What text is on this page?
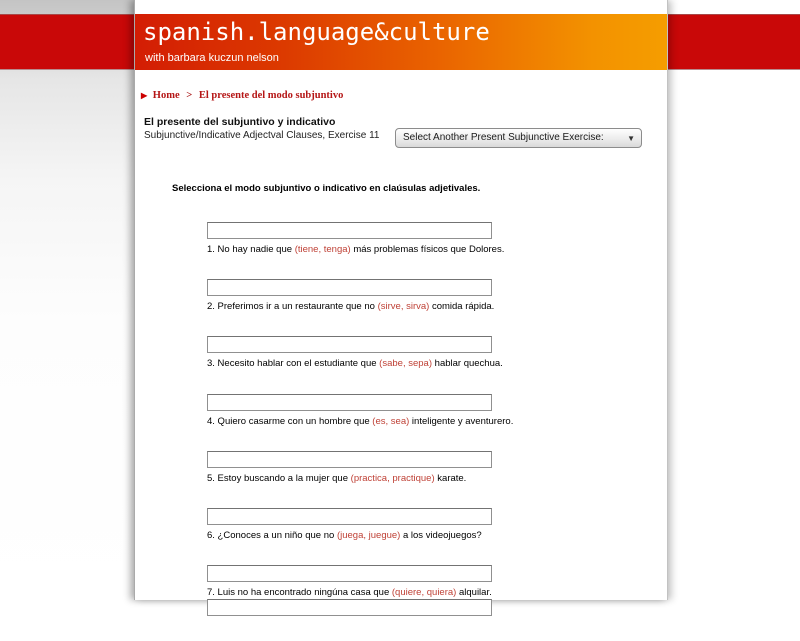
spanish.language&culture
with barbara kuczun nelson
▶ Home > El presente del modo subjuntivo
El presente del subjuntivo y indicativo
Subjunctive/Indicative Adjectval Clauses, Exercise 11	Select Another Present Subjunctive Exercise:	▼
Selecciona el modo subjuntivo o indicativo en claúsulas adjetivales.
1. No hay nadie que (tiene, tenga) más problemas físicos que Dolores.
2. Preferimos ir a un restaurante que no (sirve, sirva) comida rápida.
3. Necesito hablar con el estudiante que (sabe, sepa) hablar quechua.
4. Quiero casarme con un hombre que (es, sea) inteligente y aventurero.
5. Estoy buscando a la mujer que (practica, practique) karate.
6. ¿Conoces a un niño que no (juega, juegue) a los videojuegos?
7. Luis no ha encontrado ningúna casa que (quiere, quiera) alquilar.
